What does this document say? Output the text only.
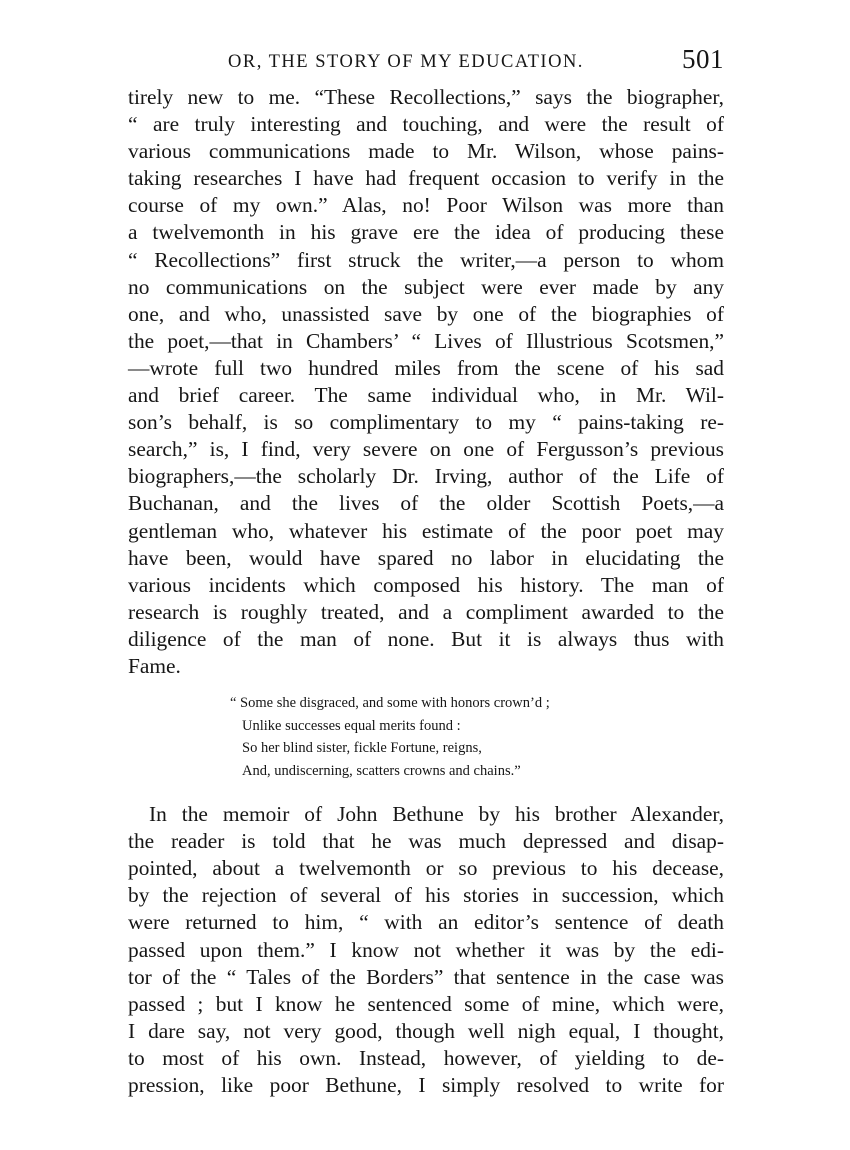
OR, THE STORY OF MY EDUCATION.	501
tirely new to me. “These Recollections,” says the biographer,
“ are truly interesting and touching, and were the result of
various communications made to Mr. Wilson, whose pains-
taking researches I have had frequent occasion to verify in the
course of my own.” Alas, no! Poor Wilson was more than
a twelvemonth in his grave ere the idea of producing these
“ Recollections” first struck the writer,—a person to whom
no communications on the subject were ever made by any
one, and who, unassisted save by one of the biographies of
the poet,—that in Chambers’ “ Lives of Illustrious Scotsmen,”
—wrote full two hundred miles from the scene of his sad
and brief career. The same individual who, in Mr. Wil-
son’s behalf, is so complimentary to my “ pains-taking re-
search,” is, I find, very severe on one of Fergusson’s previous
biographers,—the scholarly Dr. Irving, author of the Life of
Buchanan, and the lives of the older Scottish Poets,—a
gentleman who, whatever his estimate of the poor poet may
have been, would have spared no labor in elucidating the
various incidents which composed his history. The man of
research is roughly treated, and a compliment awarded to the
diligence of the man of none. But it is always thus with
Fame.
“ Some she disgraced, and some with honors crown’d ;
Unlike successes equal merits found :
So her blind sister, fickle Fortune, reigns,
And, undiscerning, scatters crowns and chains.”
In the memoir of John Bethune by his brother Alexander,
the reader is told that he was much depressed and disap-
pointed, about a twelvemonth or so previous to his decease,
by the rejection of several of his stories in succession, which
were returned to him, “ with an editor’s sentence of death
passed upon them.” I know not whether it was by the edi-
tor of the “ Tales of the Borders” that sentence in the case was
passed ; but I know he sentenced some of mine, which were,
I dare say, not very good, though well nigh equal, I thought,
to most of his own. Instead, however, of yielding to de-
pression, like poor Bethune, I simply resolved to write for
